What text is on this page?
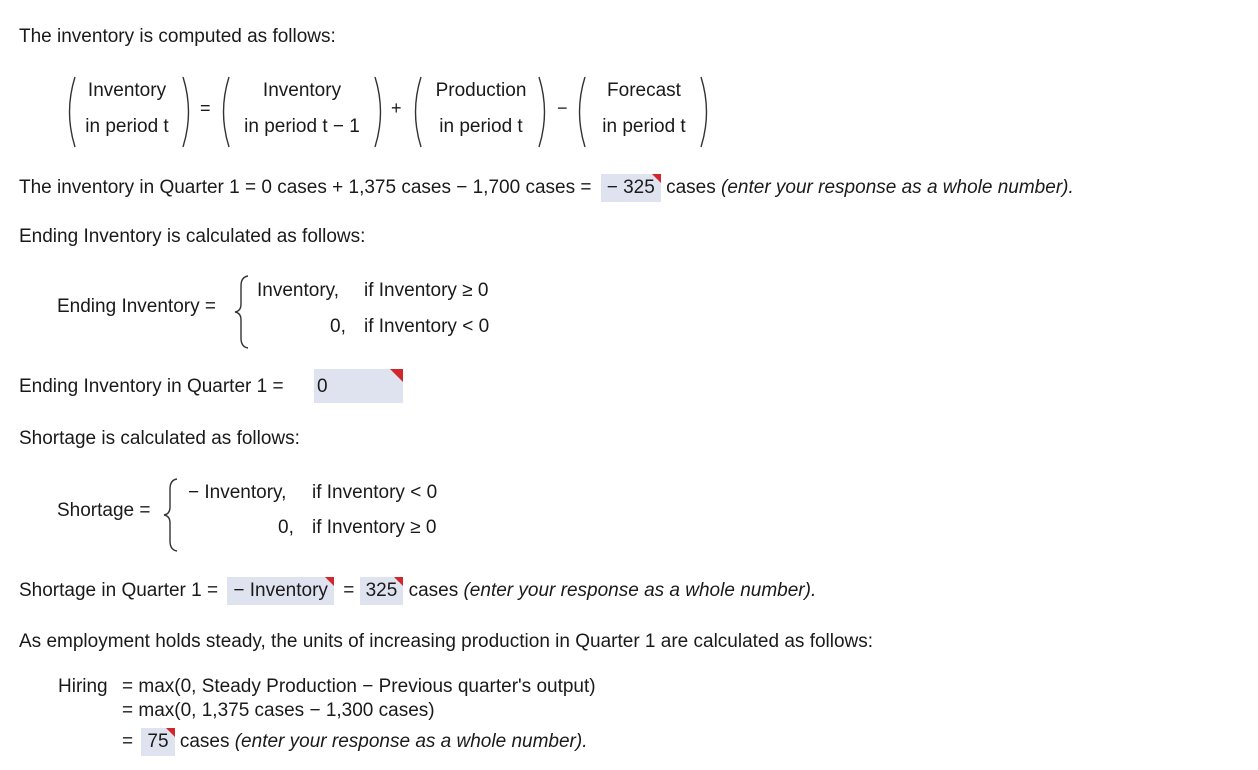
The inventory is computed as follows:
Inventory
in period t
=
Inventory
in period t − 1
+
Production
in period t
−
Forecast
in period t
The inventory in Quarter 1 = 0 cases + 1,375 cases − 1,700 cases = − 325 cases (enter your response as a whole number).
Ending Inventory is calculated as follows:
Ending Inventory =
Inventory, if Inventory ≥ 0
0, if Inventory < 0
Ending Inventory in Quarter 1 = 0
Shortage is calculated as follows:
Shortage =
− Inventory, if Inventory < 0
0, if Inventory ≥ 0
Shortage in Quarter 1 = − Inventory = 325 cases (enter your response as a whole number).
As employment holds steady, the units of increasing production in Quarter 1 are calculated as follows:
Hiring = max(0, Steady Production − Previous quarter's output)
= max(0, 1,375 cases − 1,300 cases)
= 75 cases (enter your response as a whole number).
